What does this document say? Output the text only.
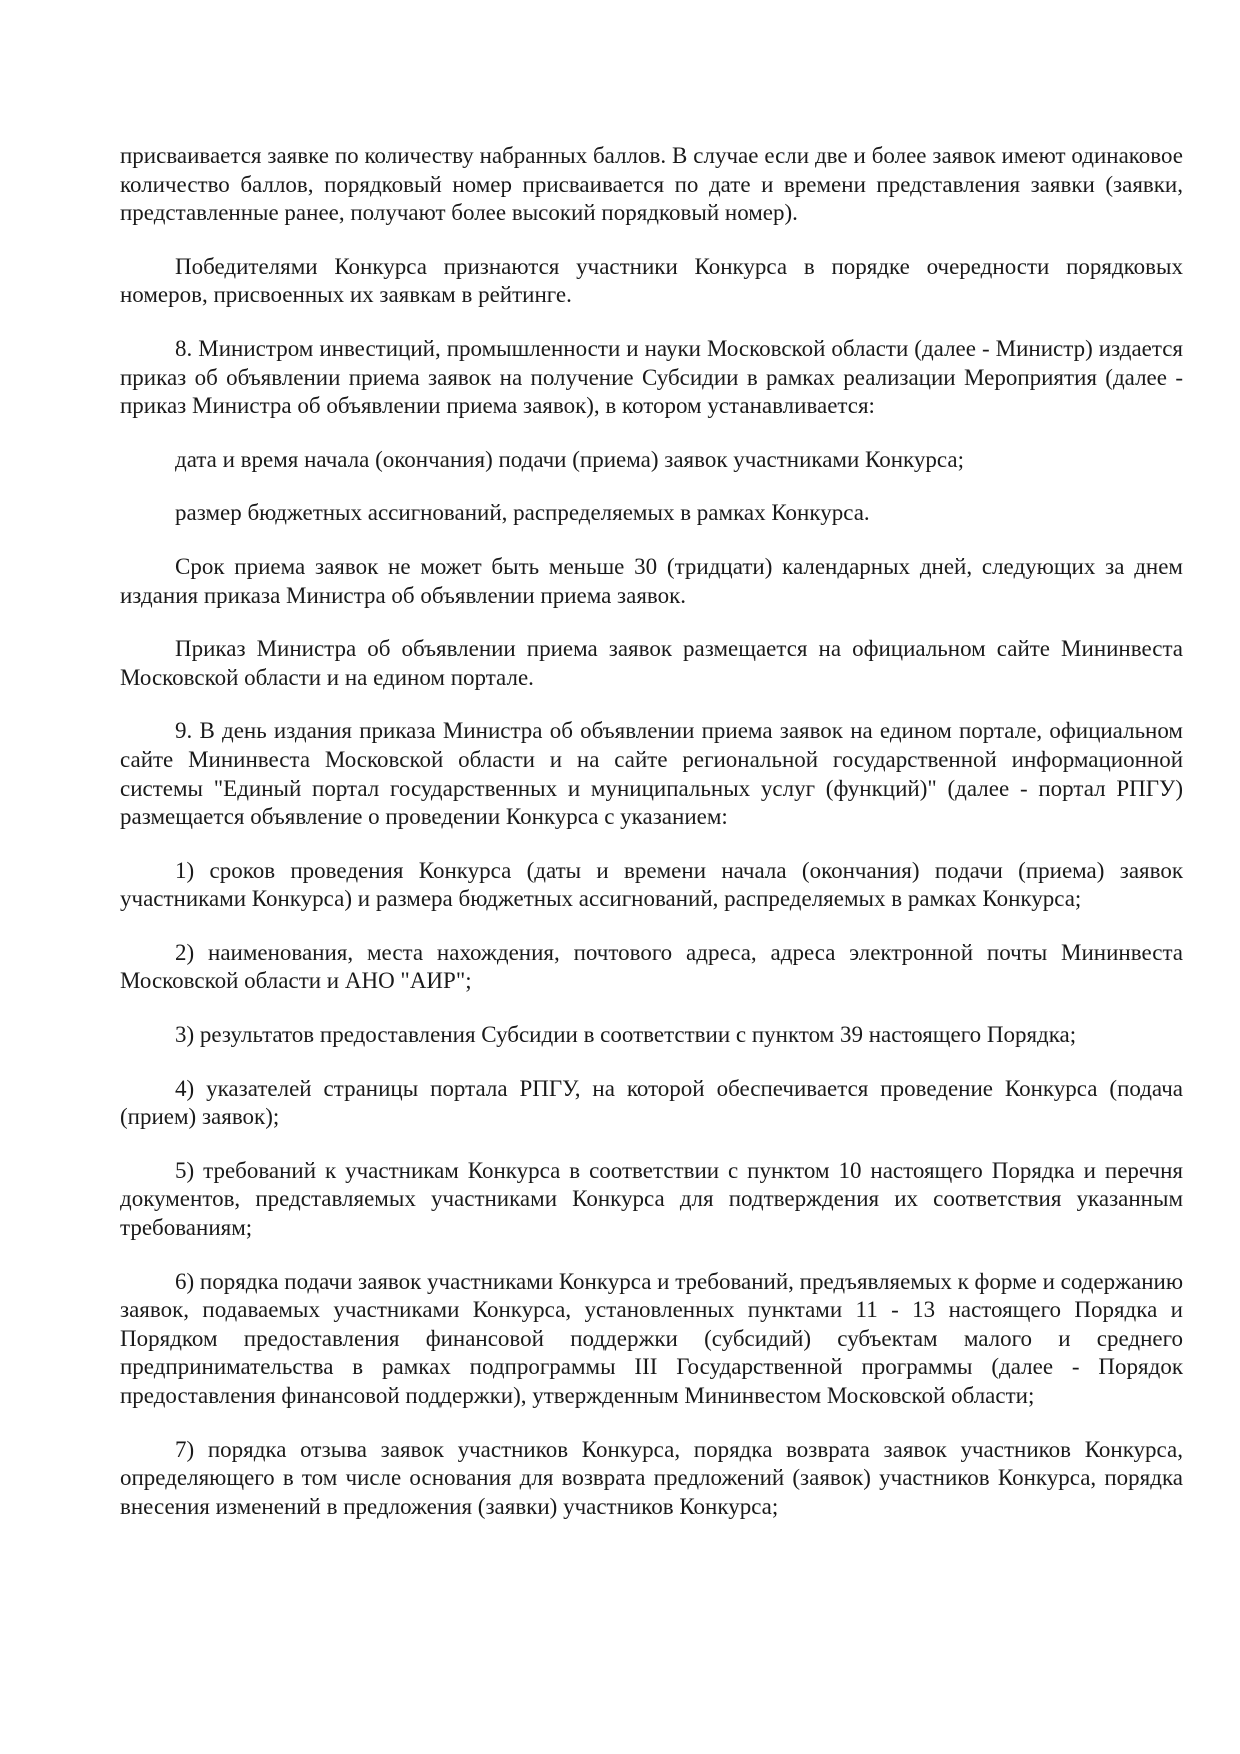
присваивается заявке по количеству набранных баллов. В случае если две и более заявок имеют одинаковое количество баллов, порядковый номер присваивается по дате и времени представления заявки (заявки, представленные ранее, получают более высокий порядковый номер).

Победителями Конкурса признаются участники Конкурса в порядке очередности порядковых номеров, присвоенных их заявкам в рейтинге.

8. Министром инвестиций, промышленности и науки Московской области (далее - Министр) издается приказ об объявлении приема заявок на получение Субсидии в рамках реализации Мероприятия (далее - приказ Министра об объявлении приема заявок), в котором устанавливается:

дата и время начала (окончания) подачи (приема) заявок участниками Конкурса;

размер бюджетных ассигнований, распределяемых в рамках Конкурса.

Срок приема заявок не может быть меньше 30 (тридцати) календарных дней, следующих за днем издания приказа Министра об объявлении приема заявок.

Приказ Министра об объявлении приема заявок размещается на официальном сайте Мининвеста Московской области и на едином портале.

9. В день издания приказа Министра об объявлении приема заявок на едином портале, официальном сайте Мининвеста Московской области и на сайте региональной государственной информационной системы "Единый портал государственных и муниципальных услуг (функций)" (далее - портал РПГУ) размещается объявление о проведении Конкурса с указанием:

1) сроков проведения Конкурса (даты и времени начала (окончания) подачи (приема) заявок участниками Конкурса) и размера бюджетных ассигнований, распределяемых в рамках Конкурса;

2) наименования, места нахождения, почтового адреса, адреса электронной почты Мининвеста Московской области и АНО "АИР";

3) результатов предоставления Субсидии в соответствии с пунктом 39 настоящего Порядка;

4) указателей страницы портала РПГУ, на которой обеспечивается проведение Конкурса (подача (прием) заявок);

5) требований к участникам Конкурса в соответствии с пунктом 10 настоящего Порядка и перечня документов, представляемых участниками Конкурса для подтверждения их соответствия указанным требованиям;

6) порядка подачи заявок участниками Конкурса и требований, предъявляемых к форме и содержанию заявок, подаваемых участниками Конкурса, установленных пунктами 11 - 13 настоящего Порядка и Порядком предоставления финансовой поддержки (субсидий) субъектам малого и среднего предпринимательства в рамках подпрограммы III Государственной программы (далее - Порядок предоставления финансовой поддержки), утвержденным Мининвестом Московской области;

7) порядка отзыва заявок участников Конкурса, порядка возврата заявок участников Конкурса, определяющего в том числе основания для возврата предложений (заявок) участников Конкурса, порядка внесения изменений в предложения (заявки) участников Конкурса;
